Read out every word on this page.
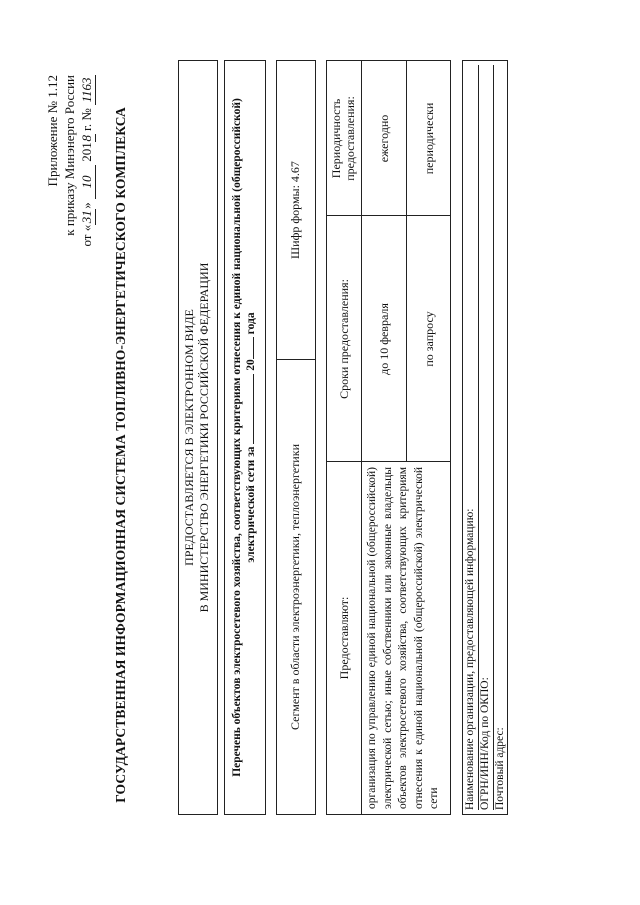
Приложение № 1.12 к приказу Минэнерго России от «31» 10 2018 г. № 1163
ГОСУДАРСТВЕННАЯ ИНФОРМАЦИОННАЯ СИСТЕМА ТОПЛИВНО-ЭНЕРГЕТИЧЕСКОГО КОМПЛЕКСА	ПРЕДОСТАВЛЯЕТСЯ В ЭЛЕКТРОННОМ ВИДЕ В МИНИСТЕРСТВО ЭНЕРГЕТИКИ РОССИЙСКОЙ ФЕДЕРАЦИИ Перечень объектов электросетевого хозяйства, соответствующих критериям отнесения к единой национальной (общероссийской) электрической сети за  20 года
Сегмент в области электроэнергетики, теплоэнергетики
Шифр формы: 4.67
Предоставляют:
Сроки предоставления:
Периодичность предоставления:
организация по управлению единой национальной (общероссийской) электрической сетью; иные собственники или законные владельцы объектов электросетевого хозяйства, соответствующих критериям отнесения к единой национальной (общероссийской) электрической сети
до 10 февраля
ежегодно
по запросу
периодически
Наименование организации, предоставляющей информацию: ОГРН/ИНН/Код по ОКПО: Почтовый адрес:
